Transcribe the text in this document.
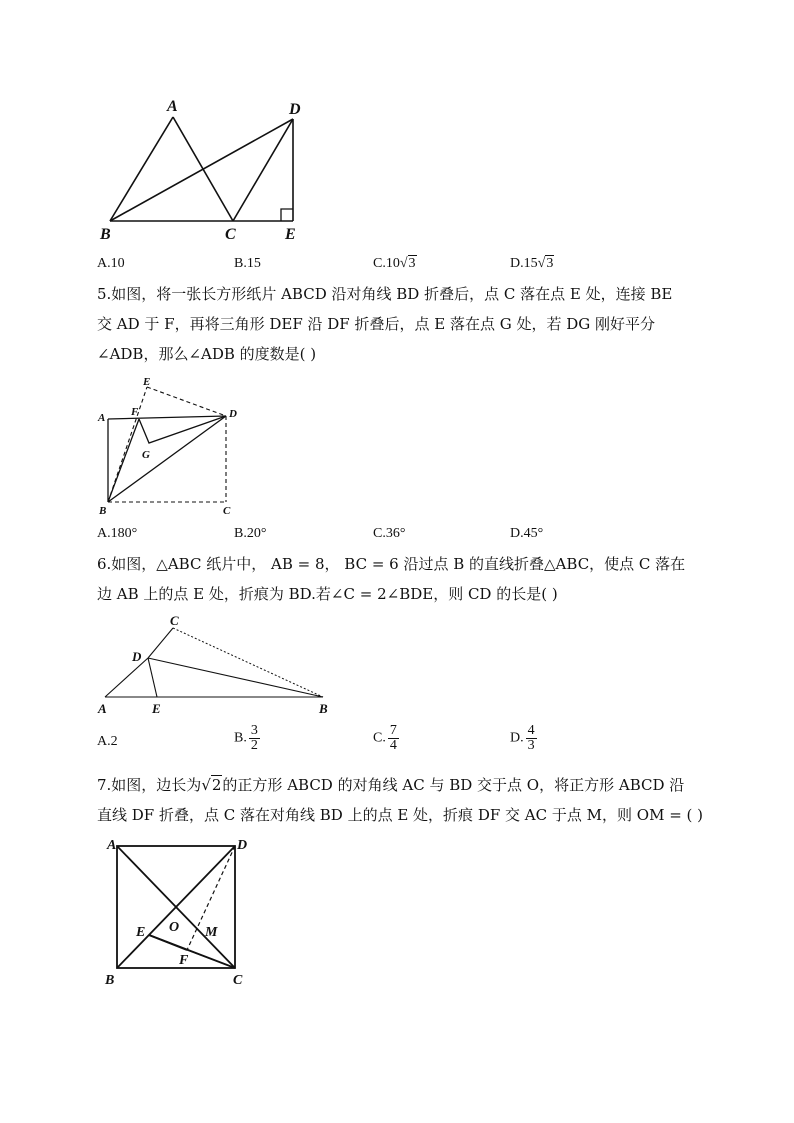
A	D
B	C	E
A.10	B.15	C.10√3	D.15√3
5.如图，将一张长方形纸片 ABCD 沿对角线 BD 折叠后，点 C 落在点 E 处，连接 BE
交 AD 于 F，再将三角形 DEF 沿 DF 折叠后，点 E 落在点 G 处，若 DG 刚好平分
∠ADB，那么∠ADB 的度数是( )
E
A F	D
G
B	C
A.180°	B.20°	C.36°	D.45°
6.如图，△ABC 纸片中， AB = 8， BC = 6 沿过点 B 的直线折叠△ABC，使点 C 落在
边 AB 上的点 E 处，折痕为 BD.若∠C = 2∠BDE，则 CD 的长是( )
C
D
A	E	B
A.2	B. $\frac{3}{2}$	C. $\frac{7}{4}$	D. $\frac{4}{3}$
7.如图，边长为√2的正方形 ABCD 的对角线 AC 与 BD 交于点 O，将正方形 ABCD 沿
直线 DF 折叠，点 C 落在对角线 BD 上的点 E 处，折痕 DF 交 AC 于点 M，则 OM = ( )
A	D
E O M
F
B	C
